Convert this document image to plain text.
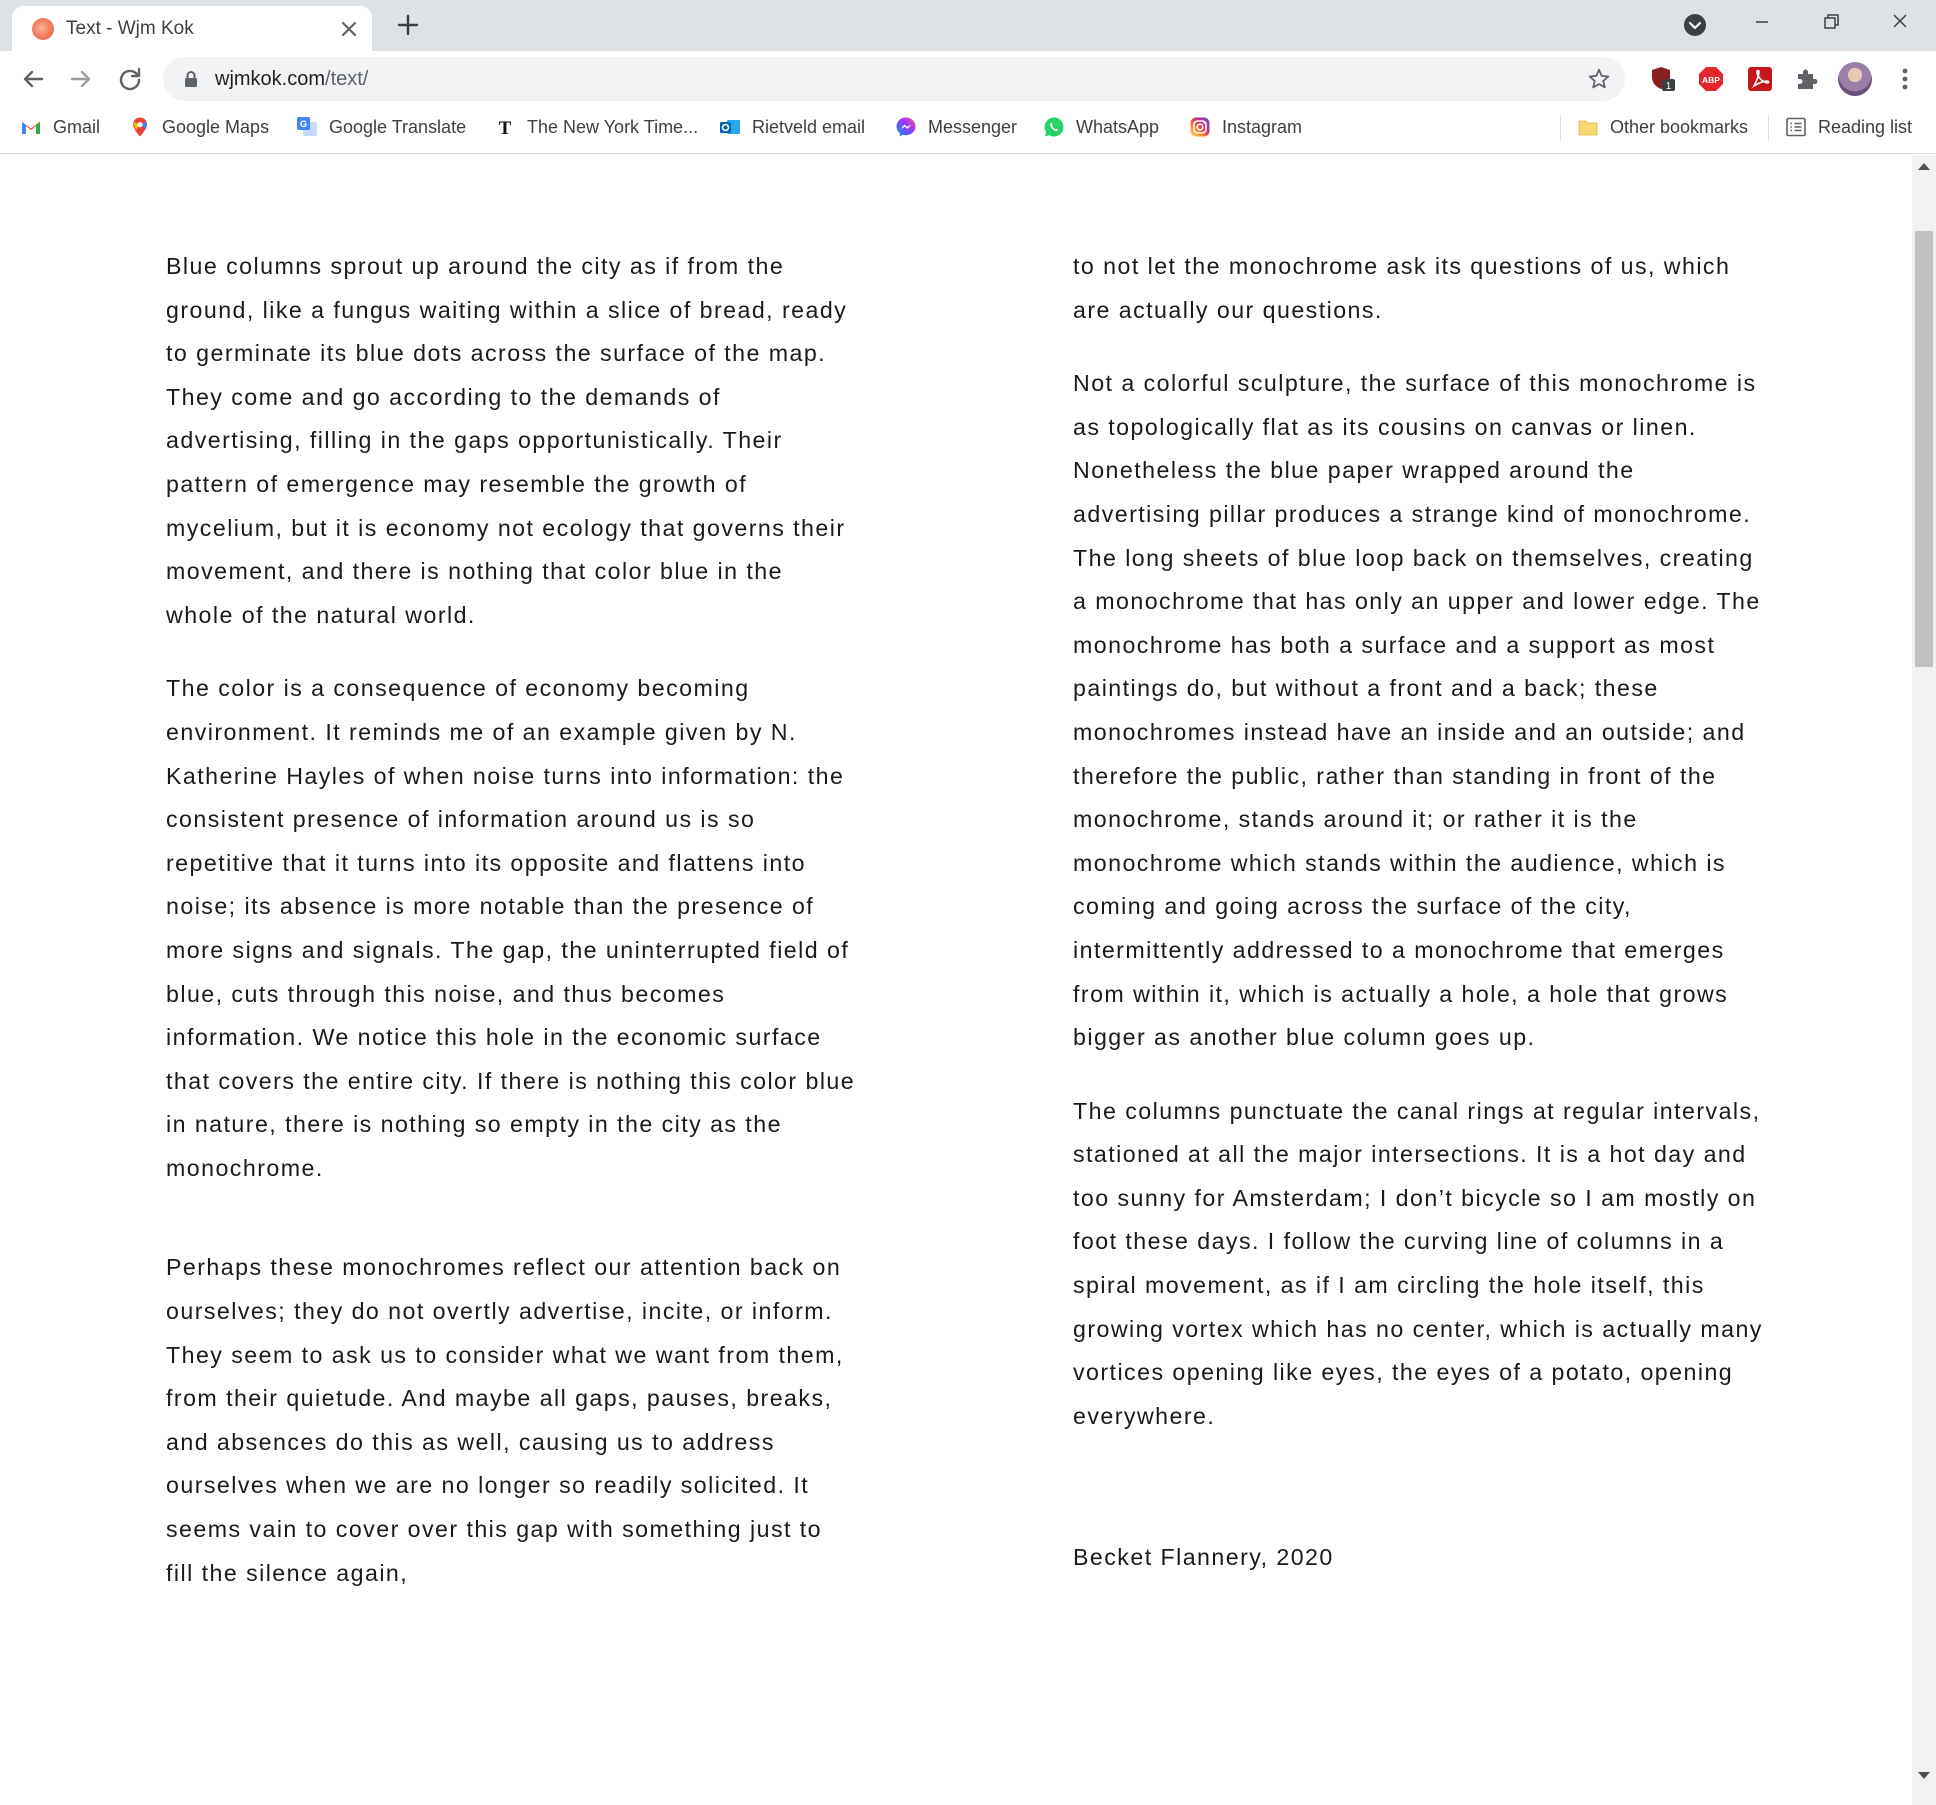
Text - Wjm Kok
wjmkok.com/text/	1
ABP
Gmail	Google Maps	G Google Translate T The New York Time...	Rietveld email	Messenger	WhatsApp	Instagram	Other bookmarks	Reading list

Blue columns sprout up around the city as if from the ground, like a fungus waiting within a slice of bread, ready to germinate its blue dots across the surface of the map. They come and go according to the demands of advertising, filling in the gaps opportunistically. Their pattern of emergence may resemble the growth of mycelium, but it is economy not ecology that governs their movement, and there is nothing that color blue in the whole of the natural world.

The color is a consequence of economy becoming environment. It reminds me of an example given by N. Katherine Hayles of when noise turns into information: the consistent presence of information around us is so repetitive that it turns into its opposite and flattens into noise; its absence is more notable than the presence of more signs and signals. The gap, the uninterrupted field of blue, cuts through this noise, and thus becomes information. We notice this hole in the economic surface that covers the entire city. If there is nothing this color blue in nature, there is nothing so empty in the city as the monochrome.

Perhaps these monochromes reflect our attention back on ourselves; they do not overtly advertise, incite, or inform. They seem to ask us to consider what we want from them, from their quietude. And maybe all gaps, pauses, breaks, and absences do this as well, causing us to address ourselves when we are no longer so readily solicited. It seems vain to cover over this gap with something just to fill the silence again,

to not let the monochrome ask its questions of us, which are actually our questions.

Not a colorful sculpture, the surface of this monochrome is as topologically flat as its cousins on canvas or linen. Nonetheless the blue paper wrapped around the advertising pillar produces a strange kind of monochrome. The long sheets of blue loop back on themselves, creating a monochrome that has only an upper and lower edge. The monochrome has both a surface and a support as most paintings do, but without a front and a back; these monochromes instead have an inside and an outside; and therefore the public, rather than standing in front of the monochrome, stands around it; or rather it is the monochrome which stands within the audience, which is coming and going across the surface of the city, intermittently addressed to a monochrome that emerges from within it, which is actually a hole, a hole that grows bigger as another blue column goes up.

The columns punctuate the canal rings at regular intervals, stationed at all the major intersections. It is a hot day and too sunny for Amsterdam; I don’t bicycle so I am mostly on foot these days. I follow the curving line of columns in a spiral movement, as if I am circling the hole itself, this growing vortex which has no center, which is actually many vortices opening like eyes, the eyes of a potato, opening everywhere.

Becket Flannery, 2020
